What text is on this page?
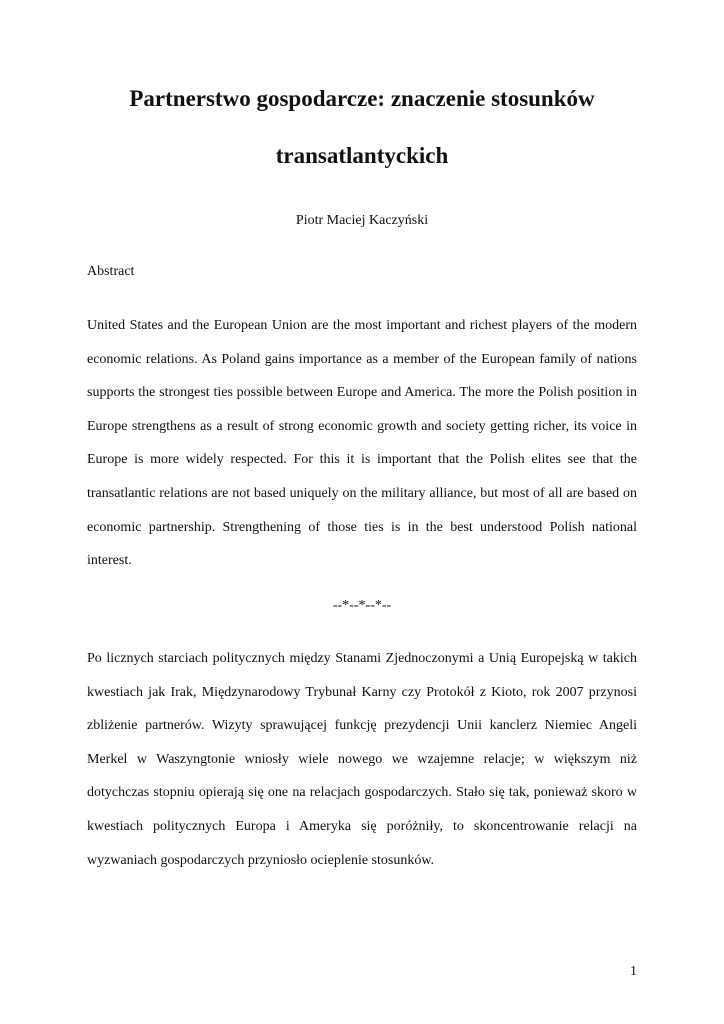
Partnerstwo gospodarcze: znaczenie stosunków
transatlantyckich
Piotr Maciej Kaczyński
Abstract

United States and the European Union are the most important and richest players of the modern economic relations. As Poland gains importance as a member of the European family of nations supports the strongest ties possible between Europe and America. The more the Polish position in Europe strengthens as a result of strong economic growth and society getting richer, its voice in Europe is more widely respected. For this it is important that the Polish elites see that the transatlantic relations are not based uniquely on the military alliance, but most of all are based on economic partnership. Strengthening of those ties is in the best understood Polish national interest.

--*--*--*--

Po licznych starciach politycznych między Stanami Zjednoczonymi a Unią Europejską w takich kwestiach jak Irak, Międzynarodowy Trybunał Karny czy Protokół z Kioto, rok 2007 przynosi zbliżenie partnerów. Wizyty sprawującej funkcję prezydencji Unii kanclerz Niemiec Angeli Merkel w Waszyngtonie wniosły wiele nowego we wzajemne relacje; w większym niż dotychczas stopniu opierają się one na relacjach gospodarczych. Stało się tak, ponieważ skoro w kwestiach politycznych Europa i Ameryka się poróżniły, to skoncentrowanie relacji na wyzwaniach gospodarczych przyniosło ocieplenie stosunków.

1
